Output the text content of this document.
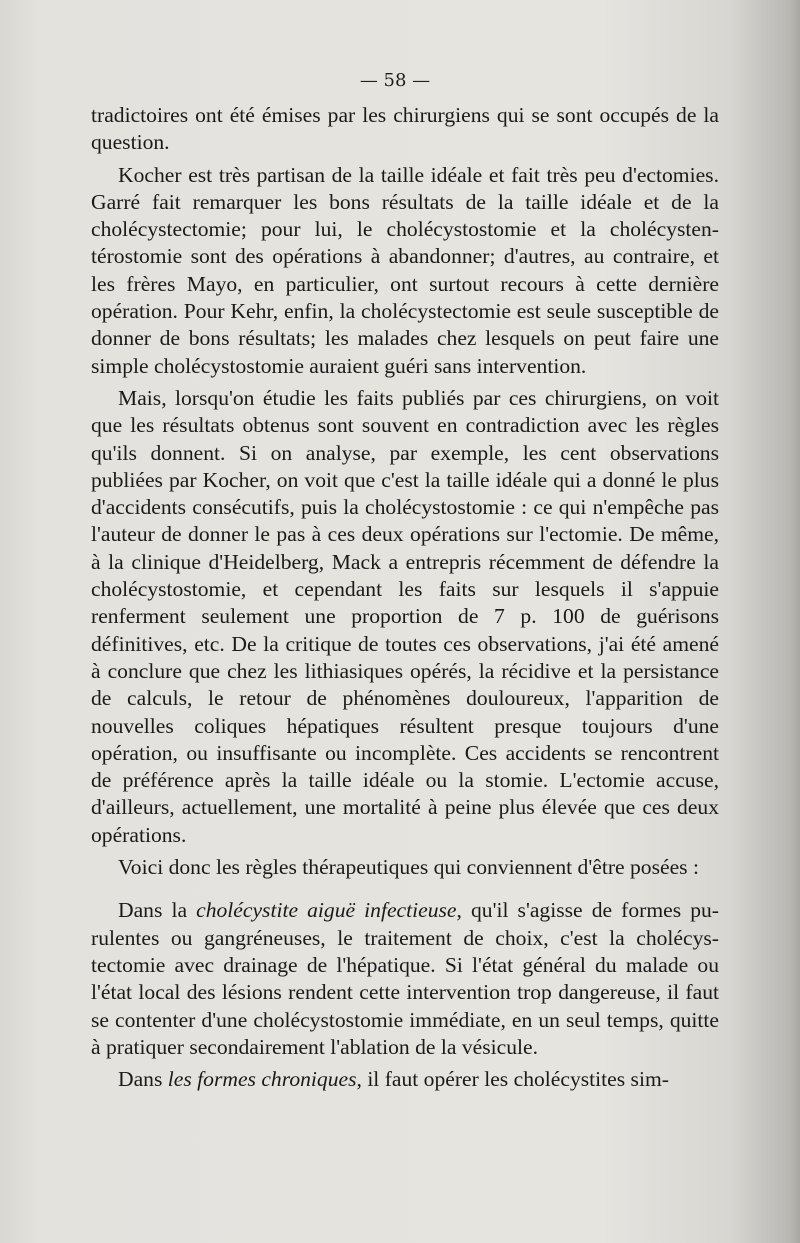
— 58 —

tradictoires ont été émises par les chirurgiens qui se sont occupés de la question.

Kocher est très partisan de la taille idéale et fait très peu d'ectomies. Garré fait remarquer les bons résultats de la taille idéale et de la cholécystectomie; pour lui, le cholécystostomie et la cholécystentérostomie sont des opérations à abandonner; d'autres, au contraire, et les frères Mayo, en particulier, ont surtout recours à cette dernière opération. Pour Kehr, enfin, la cholécystectomie est seule susceptible de donner de bons résultats; les malades chez lesquels on peut faire une simple cholécystostomie auraient guéri sans intervention.

Mais, lorsqu'on étudie les faits publiés par ces chirurgiens, on voit que les résultats obtenus sont souvent en contradiction avec les règles qu'ils donnent. Si on analyse, par exemple, les cent observations publiées par Kocher, on voit que c'est la taille idéale qui a donné le plus d'accidents consécutifs, puis la cholécystostomie : ce qui n'empêche pas l'auteur de donner le pas à ces deux opérations sur l'ectomie. De même, à la clinique d'Heidelberg, Mack a entrepris récemment de défendre la cholécystostomie, et cependant les faits sur lesquels il s'appuie renferment seulement une proportion de 7 p. 100 de guérisons définitives, etc. De la critique de toutes ces observations, j'ai été amené à conclure que chez les lithiasiques opérés, la récidive et la persistance de calculs, le retour de phénomènes douloureux, l'apparition de nouvelles coliques hépatiques résultent presque toujours d'une opération, ou insuffisante ou incomplète. Ces accidents se rencontrent de préférence après la taille idéale ou la stomie. L'ectomie accuse, d'ailleurs, actuellement, une mortalité à peine plus élevée que ces deux opérations.

Voici donc les règles thérapeutiques qui conviennent d'être posées :

Dans la cholécystite aiguë infectieuse, qu'il s'agisse de formes purulentes ou gangréneuses, le traitement de choix, c'est la cholécystectomie avec drainage de l'hépatique. Si l'état général du malade ou l'état local des lésions rendent cette intervention trop dangereuse, il faut se contenter d'une cholécystostomie immédiate, en un seul temps, quitte à pratiquer secondairement l'ablation de la vésicule.

Dans les formes chroniques, il faut opérer les cholécystites sim-
